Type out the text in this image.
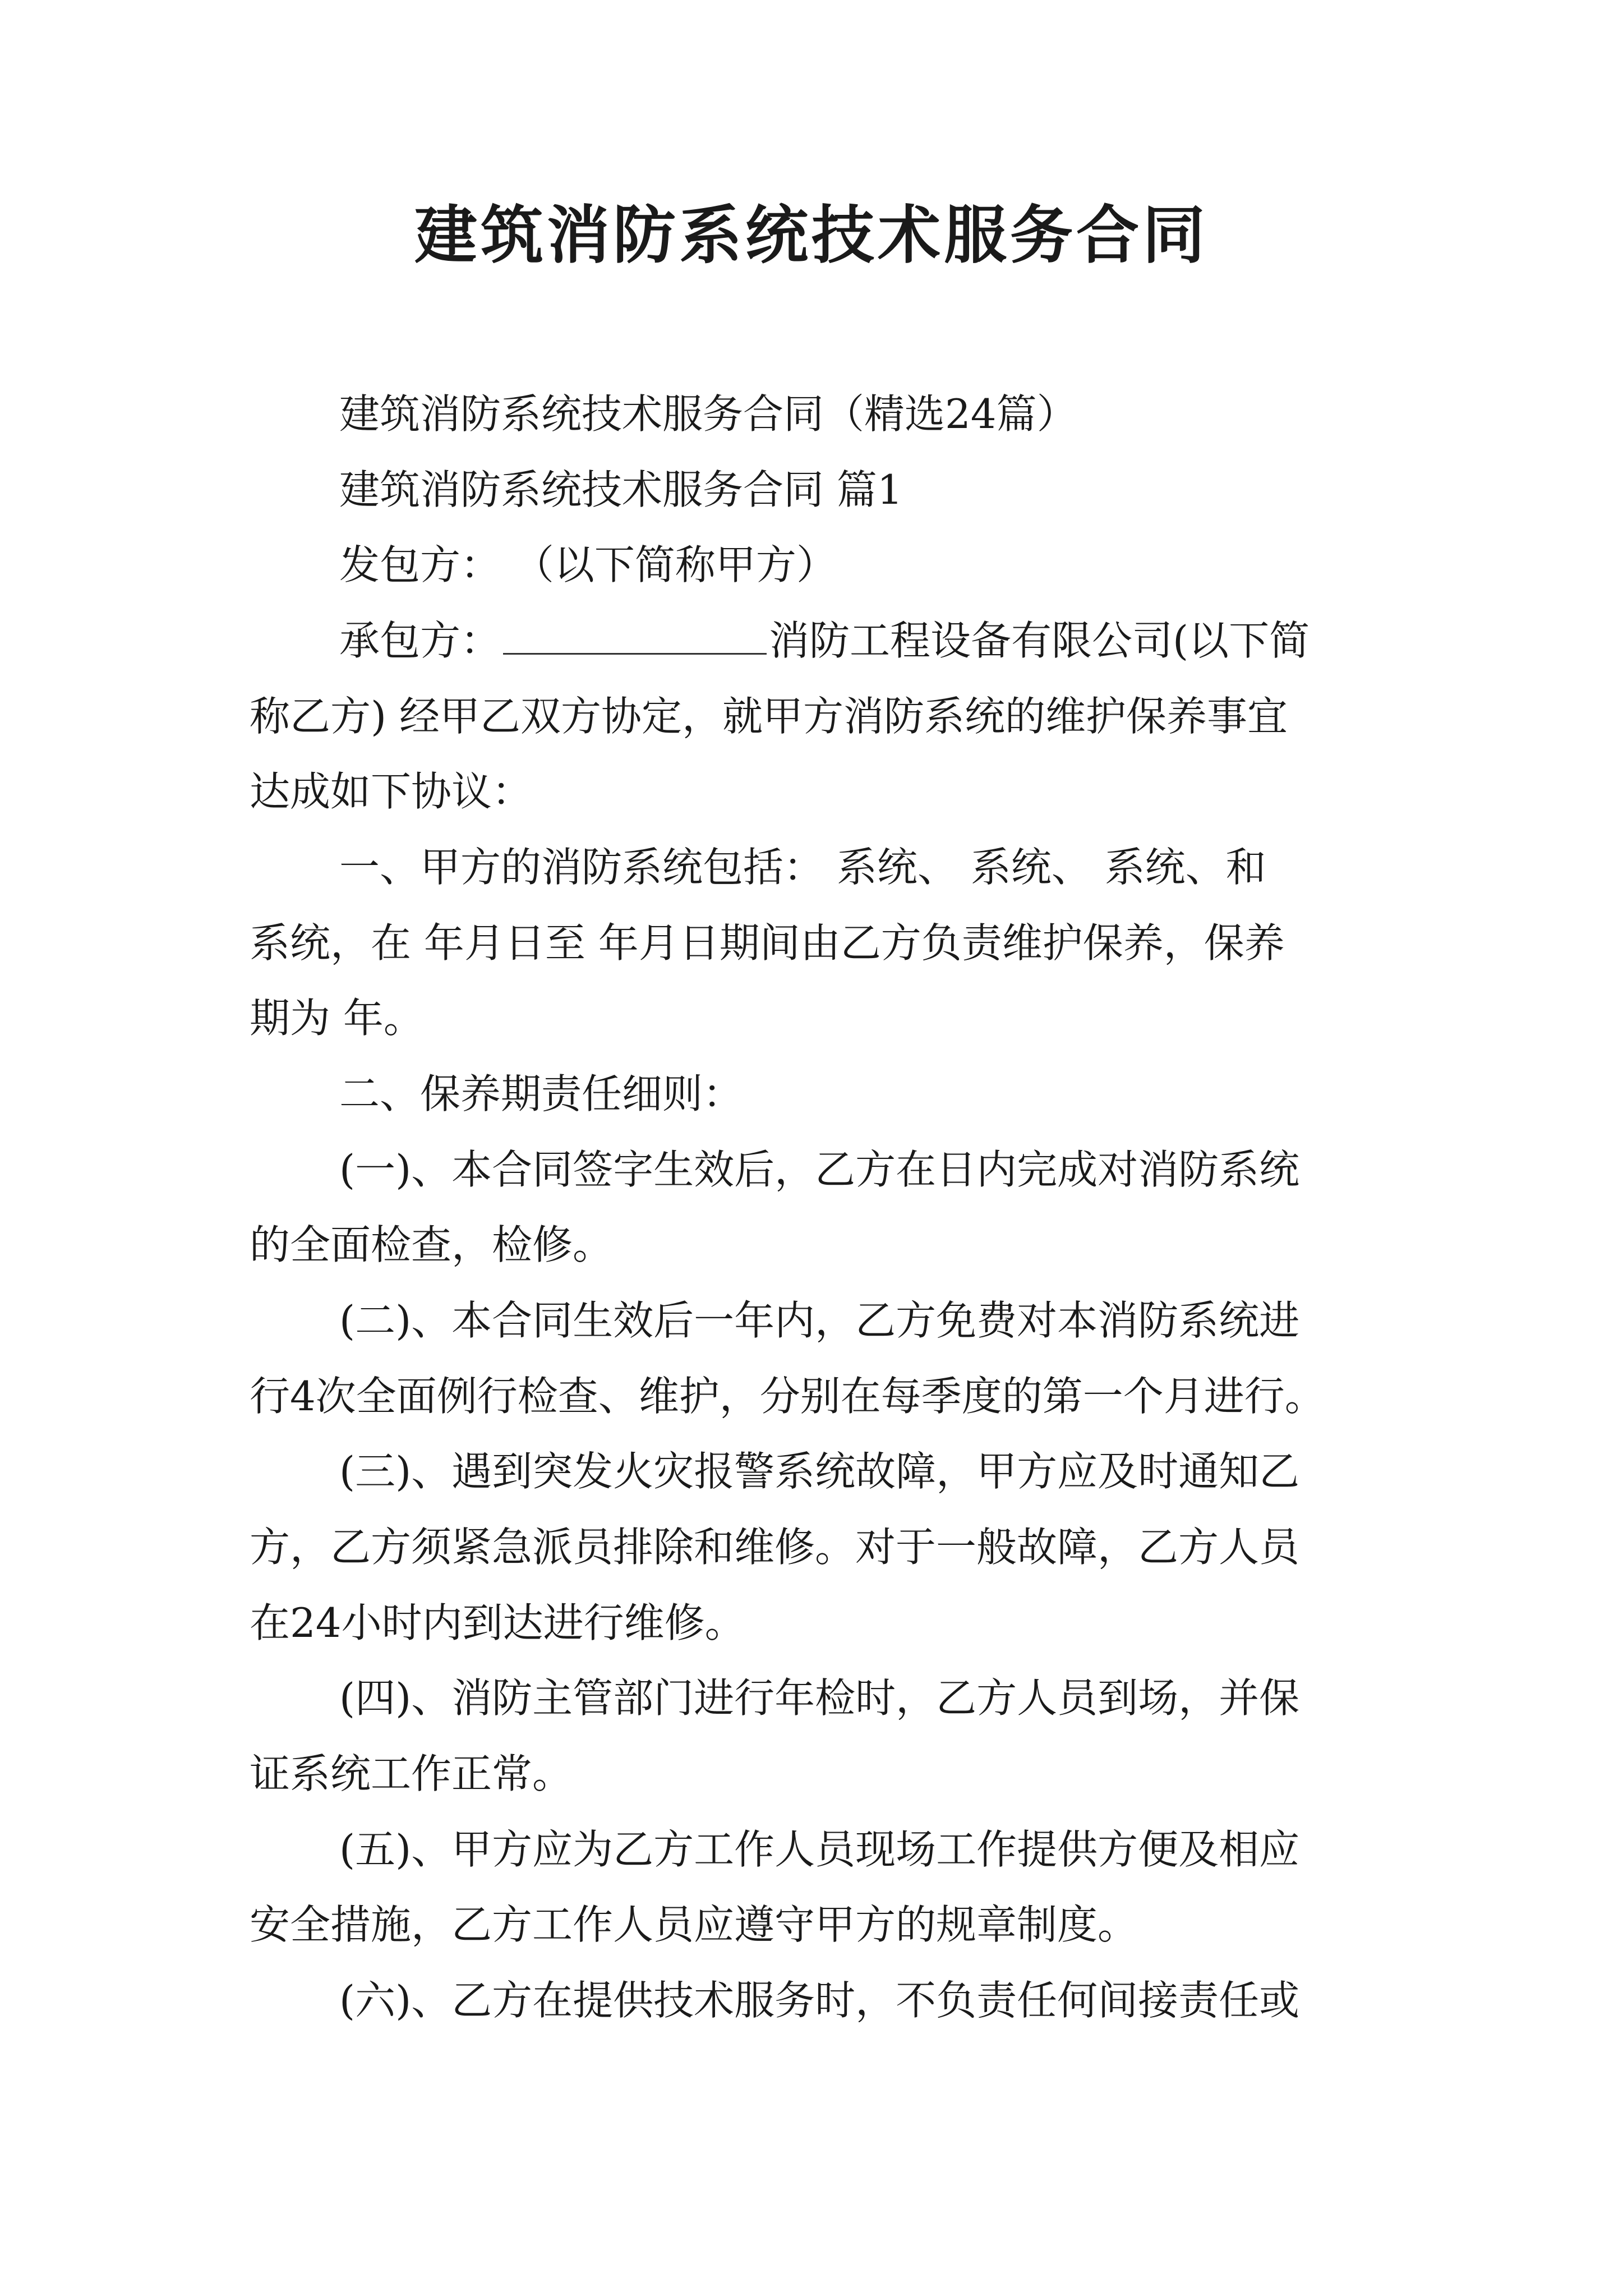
建筑消防系统技术服务合同
建筑消防系统技术服务合同（精选24篇）
建筑消防系统技术服务合同 篇1
发包方： （以下简称甲方）
承包方：	消防工程设备有限公司(以下简
称乙方) 经甲乙双方协定，就甲方消防系统的维护保养事宜
达成如下协议：
一、甲方的消防系统包括： 系统、 系统、 系统、和
系统，在 年月日至 年月日期间由乙方负责维护保养，保养
期为 年。
二、保养期责任细则：
(一)、本合同签字生效后，乙方在日内完成对消防系统
的全面检查，检修。
(二)、本合同生效后一年内，乙方免费对本消防系统进
行4次全面例行检查、维护，分别在每季度的第一个月进行。
(三)、遇到突发火灾报警系统故障，甲方应及时通知乙
方，乙方须紧急派员排除和维修。对于一般故障，乙方人员
在24小时内到达进行维修。
(四)、消防主管部门进行年检时，乙方人员到场，并保
证系统工作正常。
(五)、甲方应为乙方工作人员现场工作提供方便及相应
安全措施，乙方工作人员应遵守甲方的规章制度。
(六)、乙方在提供技术服务时，不负责任何间接责任或
